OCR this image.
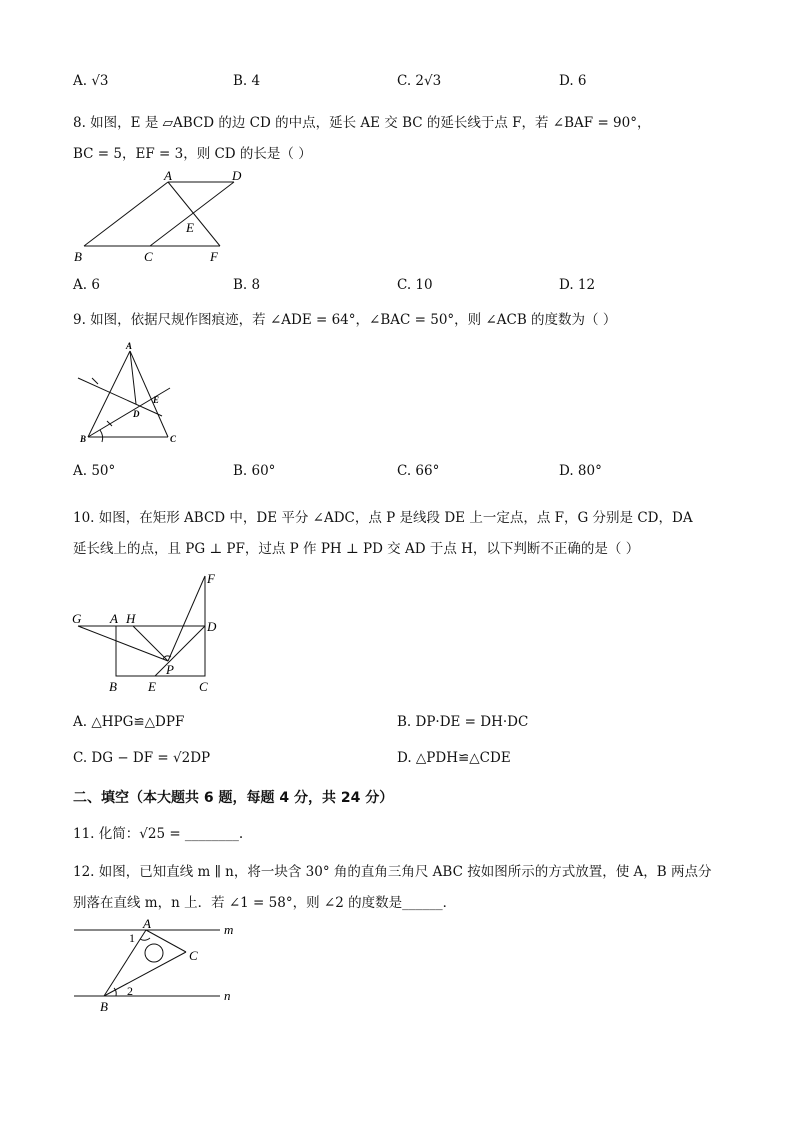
A. √3	B. 4	C. 2√3	D. 6
8. 如图，E 是 ▱ABCD 的边 CD 的中点，延长 AE 交 BC 的延长线于点 F，若 ∠BAF = 90°，
BC = 5，EF = 3，则 CD 的长是（ ）
A	D
E
B	C	F
A. 6	B. 8	C. 10	D. 12
9. 如图，依据尺规作图痕迹，若 ∠ADE = 64°，∠BAC = 50°，则 ∠ACB 的度数为（ ）
A
B	C
D
E
A. 50°	B. 60°	C. 66°	D. 80°
10. 如图，在矩形 ABCD 中，DE 平分 ∠ADC，点 P 是线段 DE 上一定点，点 F，G 分别是 CD，DA
延长线上的点，且 PG ⊥ PF，过点 P 作 PH ⊥ PD 交 AD 于点 H，以下判断不正确的是（ ）
F
G A H
D
P
B E	C
A. △HPG≌△DPF	B. DP·DE = DH·DC
C. DG − DF = √2DP	D. △PDH≌△CDE
二、填空（本大题共 6 题，每题 4 分，共 24 分）
11. 化简：√25 = ________.
12. 如图，已知直线 m ∥ n，将一块含 30° 角的直角三角尺 ABC 按如图所示的方式放置，使 A，B 两点分
别落在直线 m，n 上．若 ∠1 = 58°，则 ∠2 的度数是______．
A	m
1
C
2	n
B
